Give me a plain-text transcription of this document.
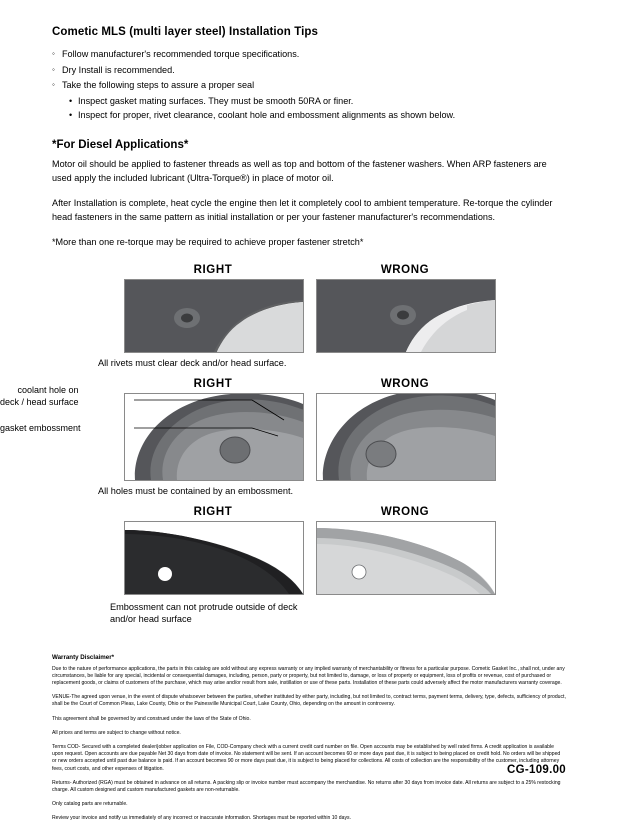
Cometic MLS (multi layer steel) Installation Tips
◦ Follow manufacturer's recommended torque specifications.
◦ Dry Install is recommended.
◦ Take the following steps to assure a proper seal
• Inspect gasket mating surfaces. They must be smooth 50RA or finer.
• Inspect for proper, rivet clearance, coolant hole and embossment alignments as shown below.
*For Diesel Applications*

Motor oil should be applied to fastener threads as well as top and bottom of the fastener washers. When ARP fasteners are used apply the included lubricant (Ultra-Torque®) in place of motor oil.

After Installation is complete, heat cycle the engine then let it completely cool to ambient temperature. Re-torque the cylinder head fasteners in the same pattern as initial installation or per your fastener manufacturer's recommendations.

*More than one re-torque may be required to achieve proper fastener stretch*

RIGHT	WRONG
All rivets must clear deck and/or head surface.
RIGHT	WRONG
coolant hole on
deck / head surface
gasket embossment
All holes must be contained by an embossment.
RIGHT	WRONG
Embossment can not protrude outside of deck
and/or head surface
Warranty Disclaimer*

Due to the nature of performance applications, the parts in this catalog are sold without any express warranty or any implied warranty of merchantability or fitness for a particular purpose. Cometic Gasket Inc., shall not, under any circumstances, be liable for any special, incidental or consequential damages, including, person, party or property, but not limited to, damage, or loss of property or equipment, loss of profits or revenue, cost of purchased or replacement goods, or claims of customers of the purchase, which may arise and/or result from sale, instillation or use of these parts. Installation of these parts could adversely affect the motor manufacturers warranty coverage.

VENUE-The agreed upon venue, in the event of dispute whatsoever between the parties, whether instituted by either party, including, but not limited to, contract terms, payment terms, delivery, type, defects, sufficiency of product, shall be the Court of Common Pleas, Lake County, Ohio or the Painesville Municipal Court, Lake County, Ohio, depending on the amount in controversy.

This agreement shall be governed by and construed under the laws of the State of Ohio.

All prices and terms are subject to change without notice.

Terms COD- Secured with a completed dealer/jobber application on File, COD-Company check with a current credit card number on file. Open accounts may be established by well rated firms. A credit application is available upon request. Open accounts are due payable Net 30 days from date of invoice. No statement will be sent. If an account becomes 60 or more days past due, it is subject to being placed on credit hold. No orders will be shipped or new orders accepted until past due balance is paid. If an account becomes 90 or more days past due, it is subject to being placed for collections. All costs of collection are the responsibility of the customer, including attorney fees, court costs, and other expenses of litigation.

Returns- Authorized (RGA) must be obtained in advance on all returns. A packing slip or invoice number must accompany the merchandise. No returns after 30 days from invoice date. All returns are subject to a 25% restocking charge. All custom designed and custom manufactured gaskets are non-returnable.

Only catalog parts are returnable.

Review your invoice and notify us immediately of any incorrect or inaccurate information. Shortages must be reported within 10 days.

CG-109.00
